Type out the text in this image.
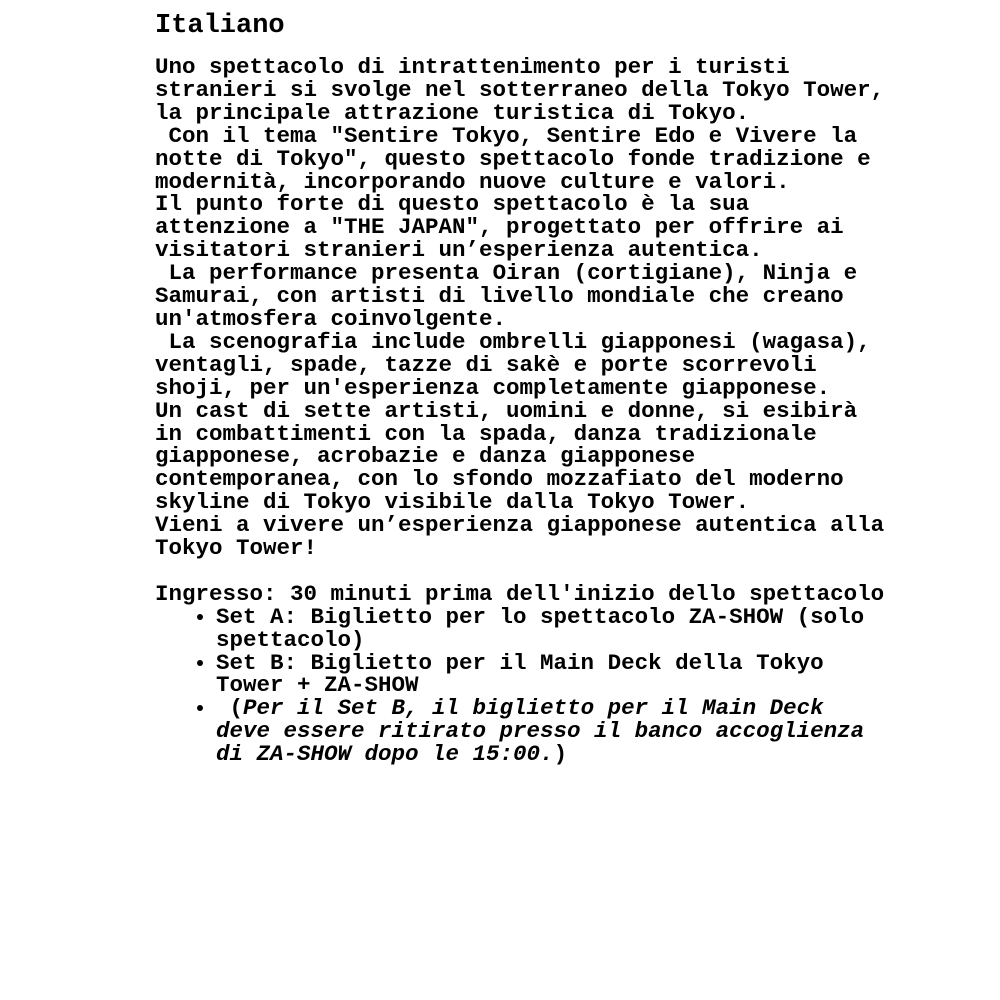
Italiano
Uno spettacolo di intrattenimento per i turisti stranieri si svolge nel sotterraneo della Tokyo Tower, la principale attrazione turistica di Tokyo.
Con il tema "Sentire Tokyo, Sentire Edo e Vivere la notte di Tokyo", questo spettacolo fonde tradizione e modernità, incorporando nuove culture e valori.
Il punto forte di questo spettacolo è la sua attenzione a "THE JAPAN", progettato per offrire ai visitatori stranieri un’esperienza autentica.
La performance presenta Oiran (cortigiane), Ninja e Samurai, con artisti di livello mondiale che creano un'atmosfera coinvolgente.
La scenografia include ombrelli giapponesi (wagasa), ventagli, spade, tazze di sakè e porte scorrevoli shoji, per un'esperienza completamente giapponese.
Un cast di sette artisti, uomini e donne, si esibirà in combattimenti con la spada, danza tradizionale giapponese, acrobazie e danza giapponese contemporanea, con lo sfondo mozzafiato del moderno skyline di Tokyo visibile dalla Tokyo Tower.
Vieni a vivere un’esperienza giapponese autentica alla Tokyo Tower!
Ingresso: 30 minuti prima dell'inizio dello spettacolo
• Set A: Biglietto per lo spettacolo ZA-SHOW (solo spettacolo)
• Set B: Biglietto per il Main Deck della Tokyo Tower + ZA-SHOW
•  (Per il Set B, il biglietto per il Main Deck deve essere ritirato presso il banco accoglienza di ZA-SHOW dopo le 15:00.)
